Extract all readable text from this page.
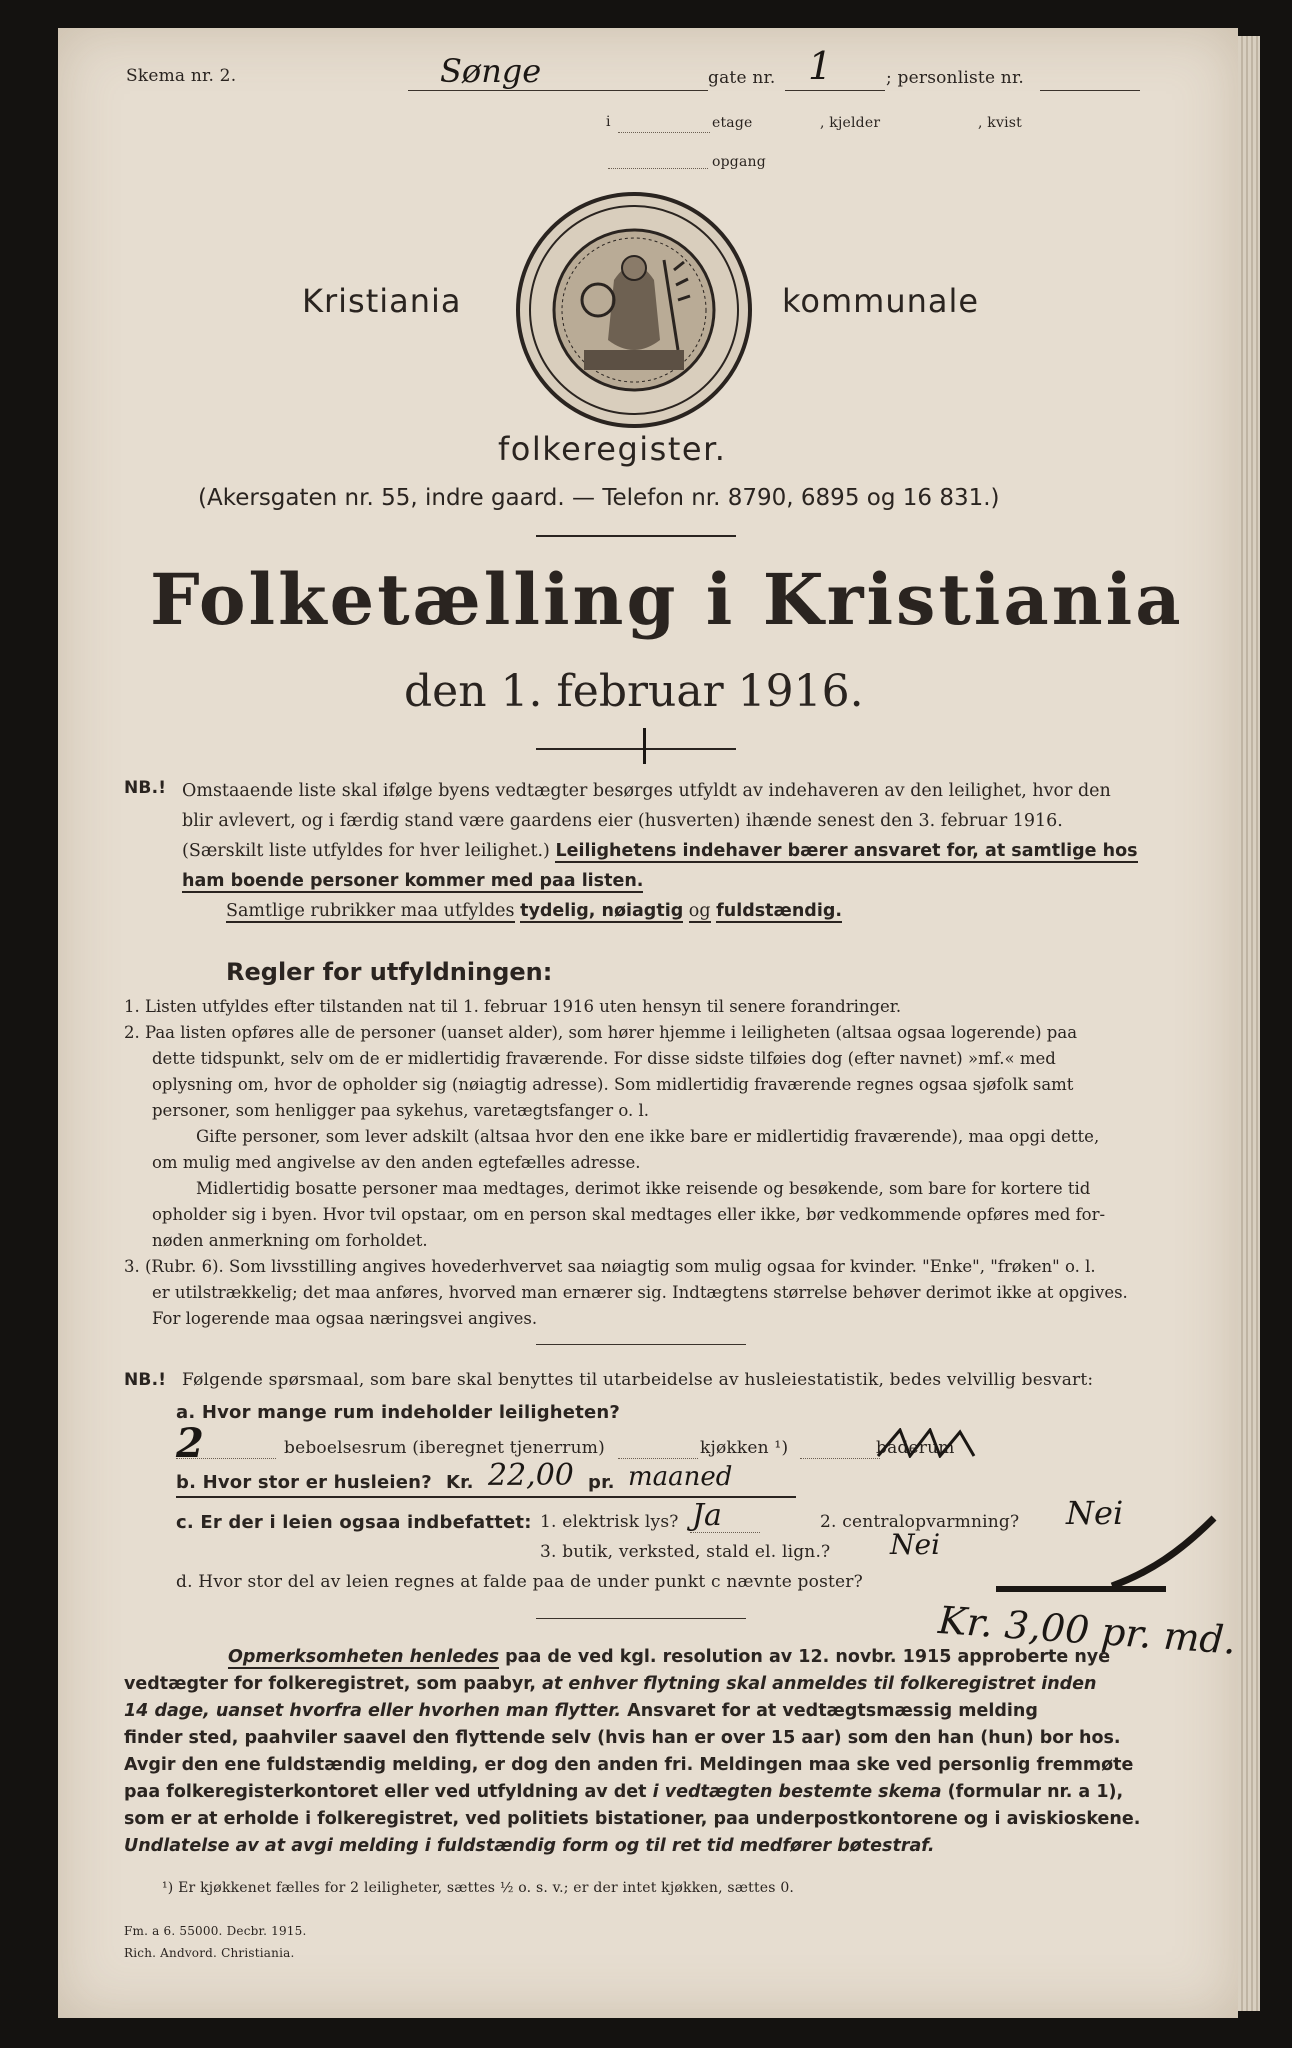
Skema nr. 2.	Sønge	gate nr. 1	; personliste nr.
i	etage	, kjelder	, kvist
opgang
Kristiania	kommunale
folkeregister.
(Akersgaten nr. 55, indre gaard. — Telefon nr. 8790, 6895 og 16 831.)
Folketælling i Kristiania
den 1. februar 1916.
NB.! Omstaaende liste skal ifølge byens vedtægter besørges utfyldt av indehaveren av den leilighet, hvor den

blir avlevert, og i færdig stand være gaardens eier (husverten) ihænde senest den 3. februar 1916.

(Særskilt liste utfyldes for hver leilighet.) Leilighetens indehaver bærer ansvaret for, at samtlige hos

ham boende personer kommer med paa listen.

Samtlige rubrikker maa utfyldes tydelig, nøiagtig og fuldstændig.

Regler for utfyldningen:

1. Listen utfyldes efter tilstanden nat til 1. februar 1916 uten hensyn til senere forandringer.

2. Paa listen opføres alle de personer (uanset alder), som hører hjemme i leiligheten (altsaa ogsaa logerende) paa

dette tidspunkt, selv om de er midlertidig fraværende. For disse sidste tilføies dog (efter navnet) »mf.« med

oplysning om, hvor de opholder sig (nøiagtig adresse). Som midlertidig fraværende regnes ogsaa sjøfolk samt

personer, som henligger paa sykehus, varetægtsfanger o. l.

Gifte personer, som lever adskilt (altsaa hvor den ene ikke bare er midlertidig fraværende), maa opgi dette,

om mulig med angivelse av den anden egtefælles adresse.

Midlertidig bosatte personer maa medtages, derimot ikke reisende og besøkende, som bare for kortere tid

opholder sig i byen. Hvor tvil opstaar, om en person skal medtages eller ikke, bør vedkommende opføres med for-

nøden anmerkning om forholdet.

3. (Rubr. 6). Som livsstilling angives hovederhvervet saa nøiagtig som mulig ogsaa for kvinder. "Enke", "frøken" o. l.

er utilstrækkelig; det maa anføres, hvorved man ernærer sig. Indtægtens størrelse behøver derimot ikke at opgives.

For logerende maa ogsaa næringsvei angives.

NB.! Følgende spørsmaal, som bare skal benyttes til utarbeidelse av husleiestatistik, bedes velvillig besvart:
a. Hvor mange rum indeholder leiligheten?
2	beboelsesrum (iberegnet tjenerrum)	kjøkken ¹)	baderum
b. Hvor stor er husleien? Kr. 22,00 pr. maaned
c. Er der i leien ogsaa indbefattet: 1. elektrisk lys? Ja	2. centralopvarmning? Nei
3. butik, verksted, stald el. lign.? Nei
d. Hvor stor del av leien regnes at falde paa de under punkt c nævnte poster?
Kr. 3,00 pr. md.

Opmerksomheten henledes paa de ved kgl. resolution av 12. novbr. 1915 approberte nye

vedtægter for folkeregistret, som paabyr, at enhver flytning skal anmeldes til folkeregistret inden

14 dage, uanset hvorfra eller hvorhen man flytter. Ansvaret for at vedtægtsmæssig melding

finder sted, paahviler saavel den flyttende selv (hvis han er over 15 aar) som den han (hun) bor hos.

Avgir den ene fuldstændig melding, er dog den anden fri. Meldingen maa ske ved personlig fremmøte

paa folkeregisterkontoret eller ved utfyldning av det i vedtægten bestemte skema (formular nr. a 1),

som er at erholde i folkeregistret, ved politiets bistationer, paa underpostkontorene og i aviskioskene.

Undlatelse av at avgi melding i fuldstændig form og til ret tid medfører bøtestraf.

¹) Er kjøkkenet fælles for 2 leiligheter, sættes ½ o. s. v.; er der intet kjøkken, sættes 0.
Fm. a 6. 55000. Decbr. 1915.
Rich. Andvord. Christiania.
